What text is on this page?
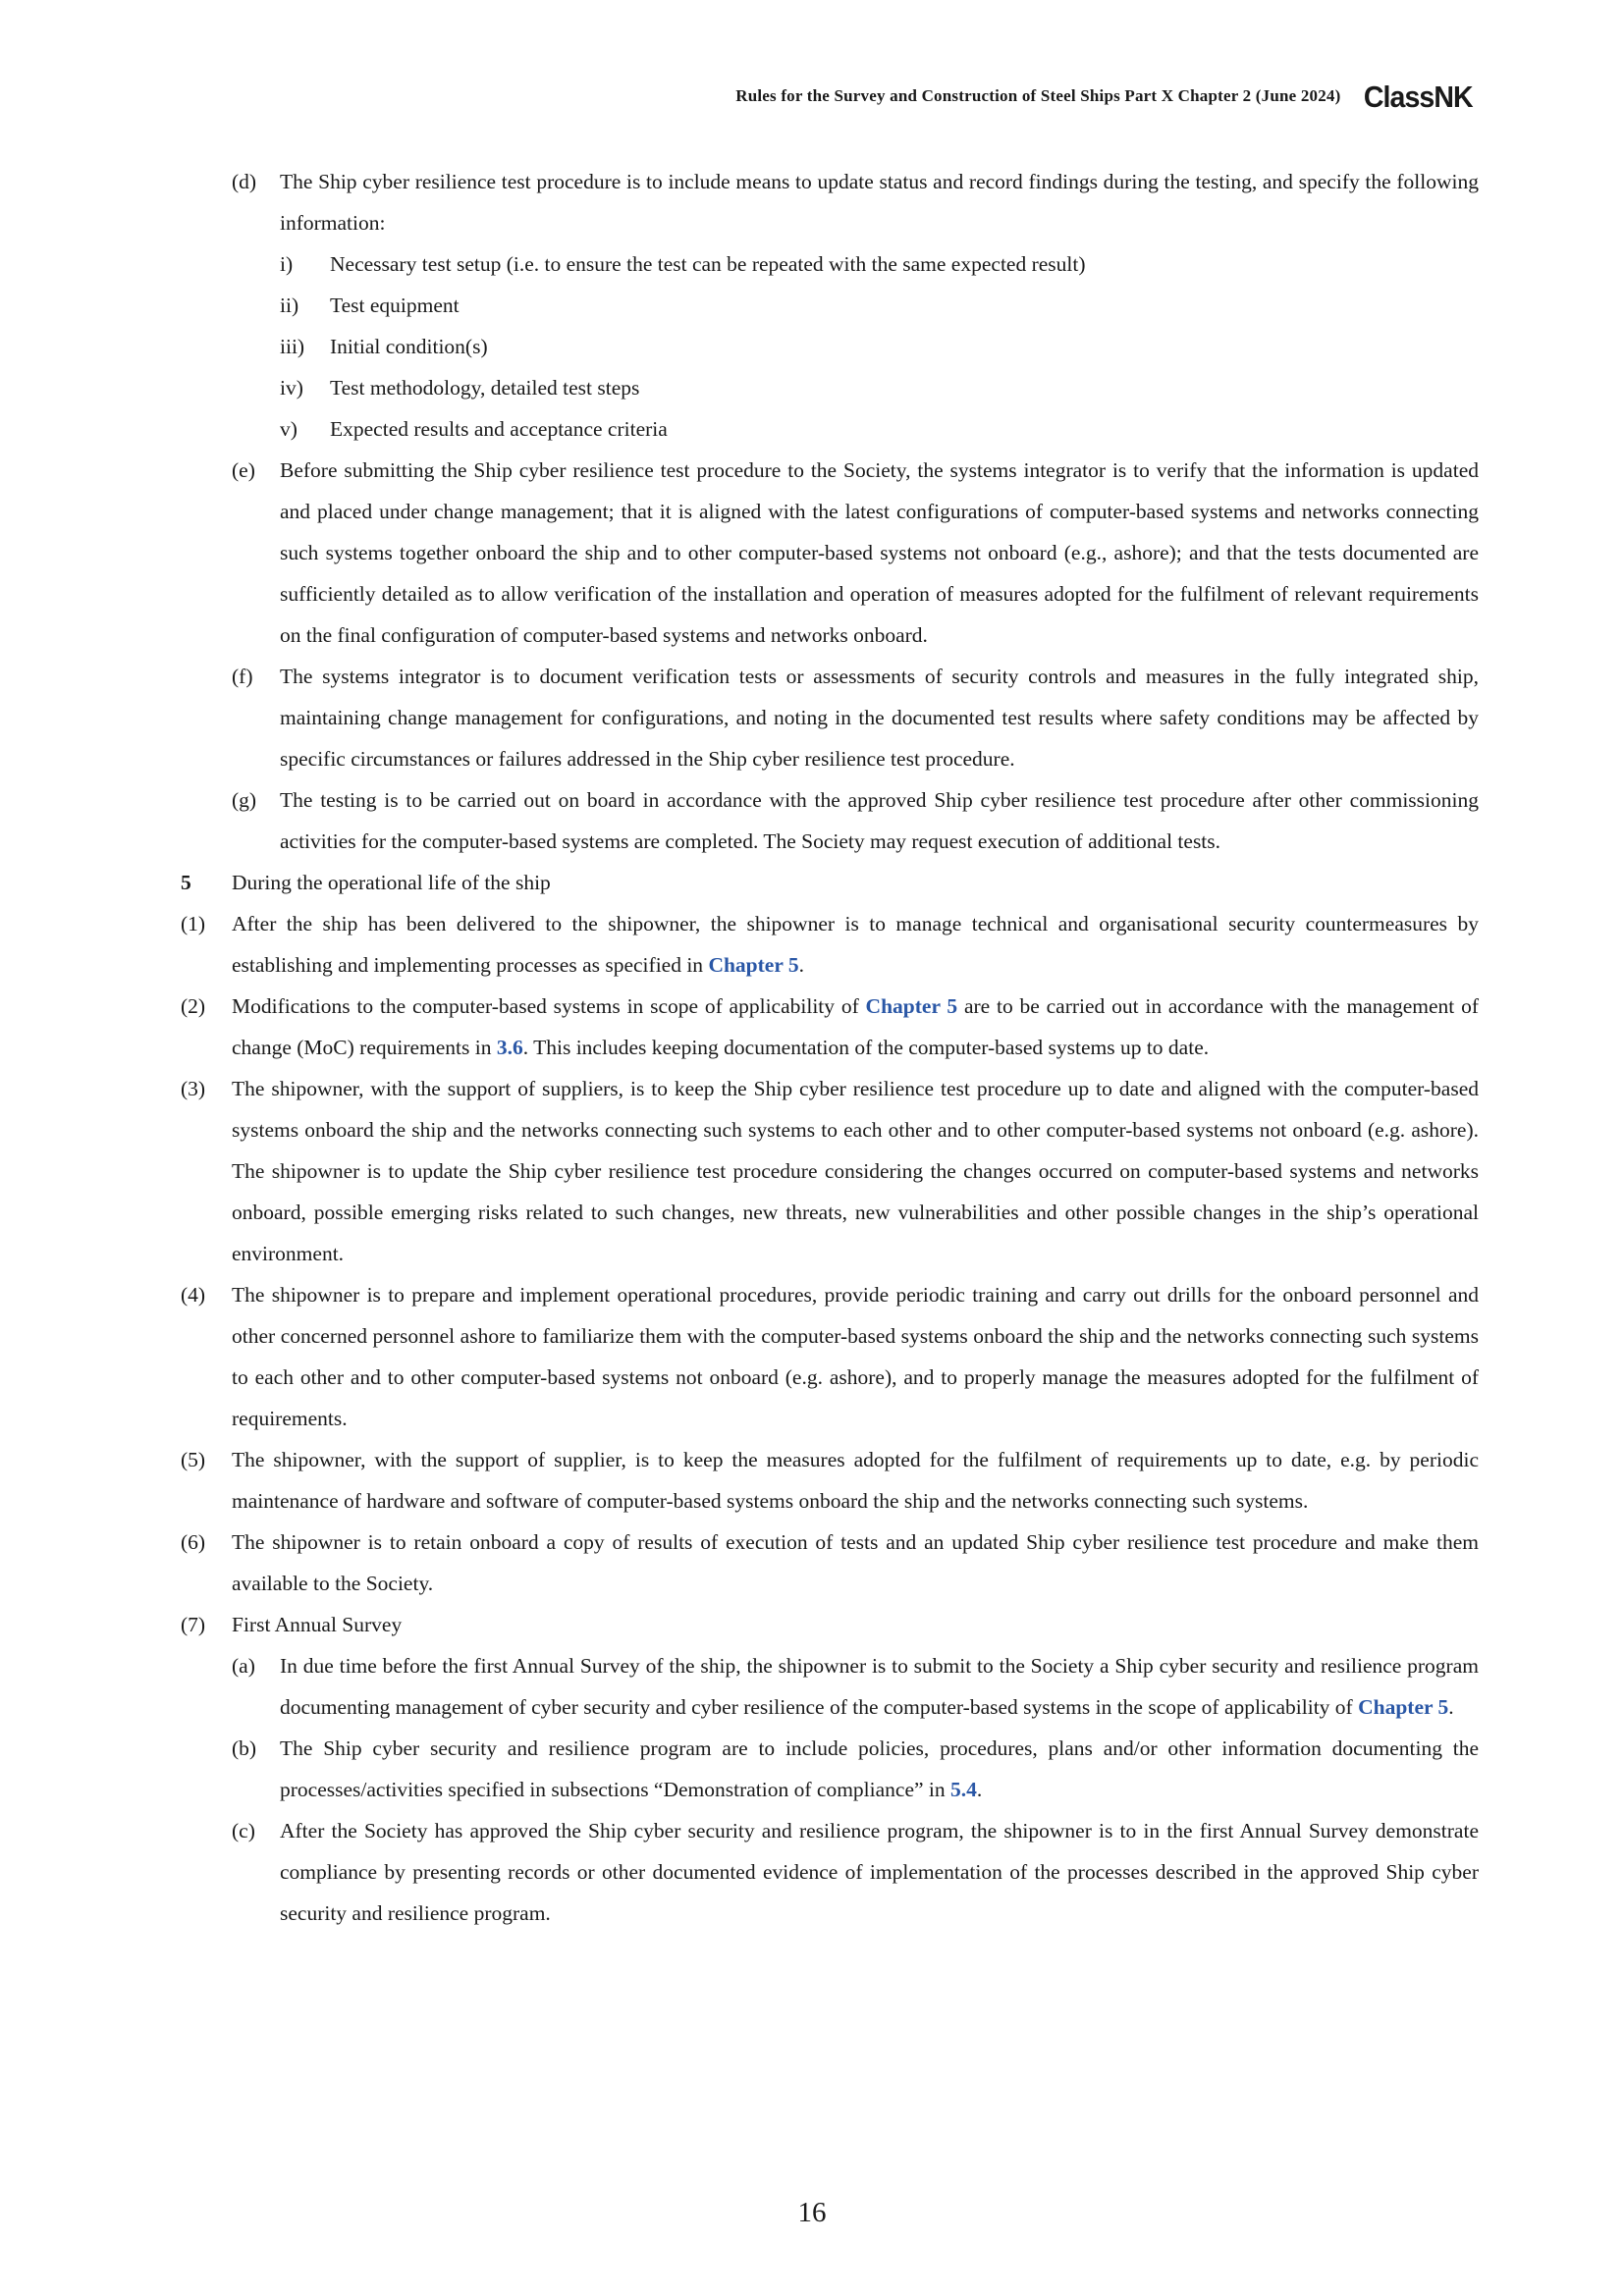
Rules for the Survey and Construction of Steel Ships Part X Chapter 2 (June 2024) ClassNK
(d) The Ship cyber resilience test procedure is to include means to update status and record findings during the testing, and specify the following information:
i) Necessary test setup (i.e. to ensure the test can be repeated with the same expected result)
ii) Test equipment
iii) Initial condition(s)
iv) Test methodology, detailed test steps
v) Expected results and acceptance criteria
(e) Before submitting the Ship cyber resilience test procedure to the Society, the systems integrator is to verify that the information is updated and placed under change management; that it is aligned with the latest configurations of computer-based systems and networks connecting such systems together onboard the ship and to other computer-based systems not onboard (e.g., ashore); and that the tests documented are sufficiently detailed as to allow verification of the installation and operation of measures adopted for the fulfilment of relevant requirements on the final configuration of computer-based systems and networks onboard.
(f) The systems integrator is to document verification tests or assessments of security controls and measures in the fully integrated ship, maintaining change management for configurations, and noting in the documented test results where safety conditions may be affected by specific circumstances or failures addressed in the Ship cyber resilience test procedure.
(g) The testing is to be carried out on board in accordance with the approved Ship cyber resilience test procedure after other commissioning activities for the computer-based systems are completed. The Society may request execution of additional tests.
5 During the operational life of the ship
(1) After the ship has been delivered to the shipowner, the shipowner is to manage technical and organisational security countermeasures by establishing and implementing processes as specified in Chapter 5.
(2) Modifications to the computer-based systems in scope of applicability of Chapter 5 are to be carried out in accordance with the management of change (MoC) requirements in 3.6. This includes keeping documentation of the computer-based systems up to date.
(3) The shipowner, with the support of suppliers, is to keep the Ship cyber resilience test procedure up to date and aligned with the computer-based systems onboard the ship and the networks connecting such systems to each other and to other computer-based systems not onboard (e.g. ashore). The shipowner is to update the Ship cyber resilience test procedure considering the changes occurred on computer-based systems and networks onboard, possible emerging risks related to such changes, new threats, new vulnerabilities and other possible changes in the ship’s operational environment.
(4) The shipowner is to prepare and implement operational procedures, provide periodic training and carry out drills for the onboard personnel and other concerned personnel ashore to familiarize them with the computer-based systems onboard the ship and the networks connecting such systems to each other and to other computer-based systems not onboard (e.g. ashore), and to properly manage the measures adopted for the fulfilment of requirements.
(5) The shipowner, with the support of supplier, is to keep the measures adopted for the fulfilment of requirements up to date, e.g. by periodic maintenance of hardware and software of computer-based systems onboard the ship and the networks connecting such systems.
(6) The shipowner is to retain onboard a copy of results of execution of tests and an updated Ship cyber resilience test procedure and make them available to the Society.
(7) First Annual Survey
(a) In due time before the first Annual Survey of the ship, the shipowner is to submit to the Society a Ship cyber security and resilience program documenting management of cyber security and cyber resilience of the computer-based systems in the scope of applicability of Chapter 5.
(b) The Ship cyber security and resilience program are to include policies, procedures, plans and/or other information documenting the processes/activities specified in subsections “Demonstration of compliance” in 5.4.
(c) After the Society has approved the Ship cyber security and resilience program, the shipowner is to in the first Annual Survey demonstrate compliance by presenting records or other documented evidence of implementation of the processes described in the approved Ship cyber security and resilience program.
16
